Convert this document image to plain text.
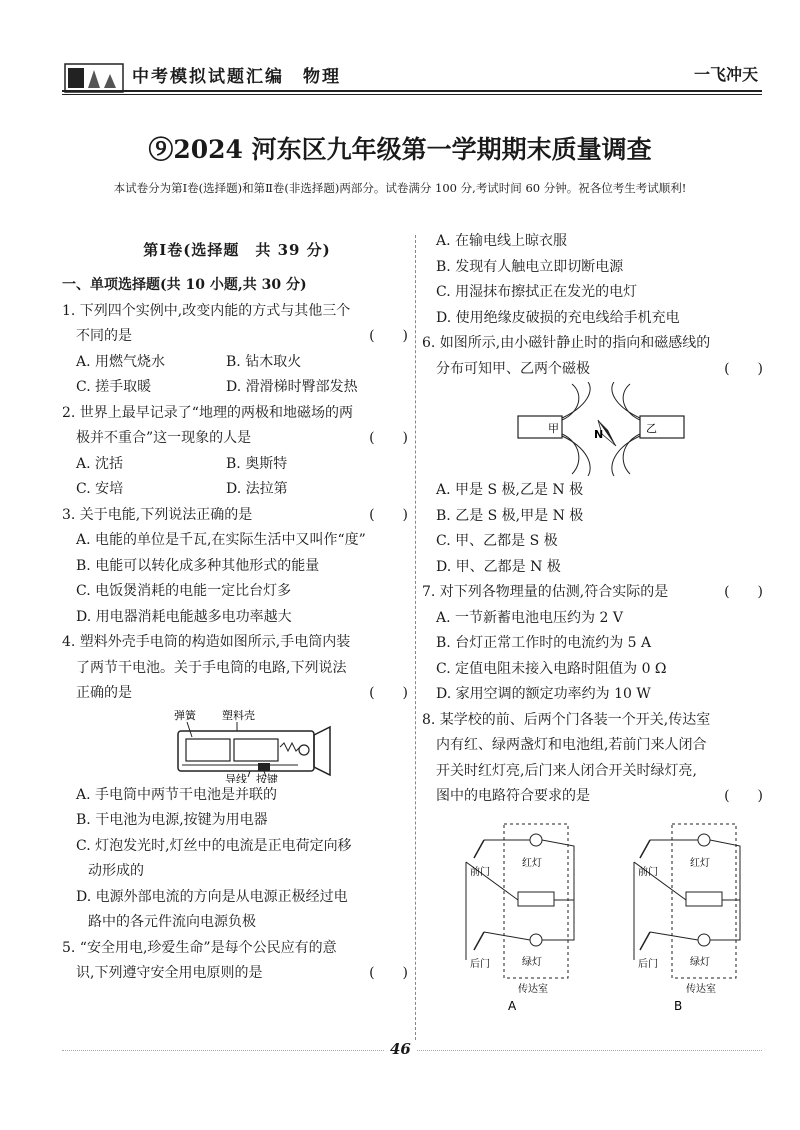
中考模拟试题汇编　物理	一飞冲天
⑨2024 河东区九年级第一学期期末质量调查
本试卷分为第Ⅰ卷(选择题)和第Ⅱ卷(非选择题)两部分。试卷满分 100 分,考试时间 60 分钟。祝各位考生考试顺利!
第Ⅰ卷(选择题　共 39 分)
一、单项选择题(共 10 小题,共 30 分)
1. 下列四个实例中,改变内能的方式与其他三个
不同的是	(　　)
A. 用燃气烧水	B. 钻木取火
C. 搓手取暖	D. 滑滑梯时臀部发热
2. 世界上最早记录了“地理的两极和地磁场的两
极并不重合”这一现象的人是	(　　)
A. 沈括	B. 奥斯特
C. 安培	D. 法拉第
3. 关于电能,下列说法正确的是	(　　)
A. 电能的单位是千瓦,在实际生活中又叫作“度”
B. 电能可以转化成多种其他形式的能量
C. 电饭煲消耗的电能一定比台灯多
D. 用电器消耗电能越多电功率越大
4. 塑料外壳手电筒的构造如图所示,手电筒内装
了两节干电池。关于手电筒的电路,下列说法
正确的是	(　　)
弹簧 塑料壳
导线 按键
A. 手电筒中两节干电池是并联的
B. 干电池为电源,按键为用电器
C. 灯泡发光时,灯丝中的电流是正电荷定向移
动形成的
D. 电源外部电流的方向是从电源正极经过电
路中的各元件流向电源负极
5. “安全用电,珍爱生命”是每个公民应有的意
识,下列遵守安全用电原则的是	(　　)
A. 在输电线上晾衣服
B. 发现有人触电立即切断电源
C. 用湿抹布擦拭正在发光的电灯
D. 使用绝缘皮破损的充电线给手机充电
6. 如图所示,由小磁针静止时的指向和磁感线的
分布可知甲、乙两个磁极	(　　)
甲	乙
N
A. 甲是 S 极,乙是 N 极
B. 乙是 S 极,甲是 N 极
C. 甲、乙都是 S 极
D. 甲、乙都是 N 极
7. 对下列各物理量的估测,符合实际的是	(　　)
A. 一节新蓄电池电压约为 2 V
B. 台灯正常工作时的电流约为 5 A
C. 定值电阻未接入电路时阻值为 0 Ω
D. 家用空调的额定功率约为 10 W
8. 某学校的前、后两个门各装一个开关,传达室
内有红、绿两盏灯和电池组,若前门来人闭合
开关时红灯亮,后门来人闭合开关时绿灯亮,
图中的电路符合要求的是	(　　)
前门
红灯
后门	绿灯
传达室
A
前门
红灯
后门	绿灯
传达室
B
46
